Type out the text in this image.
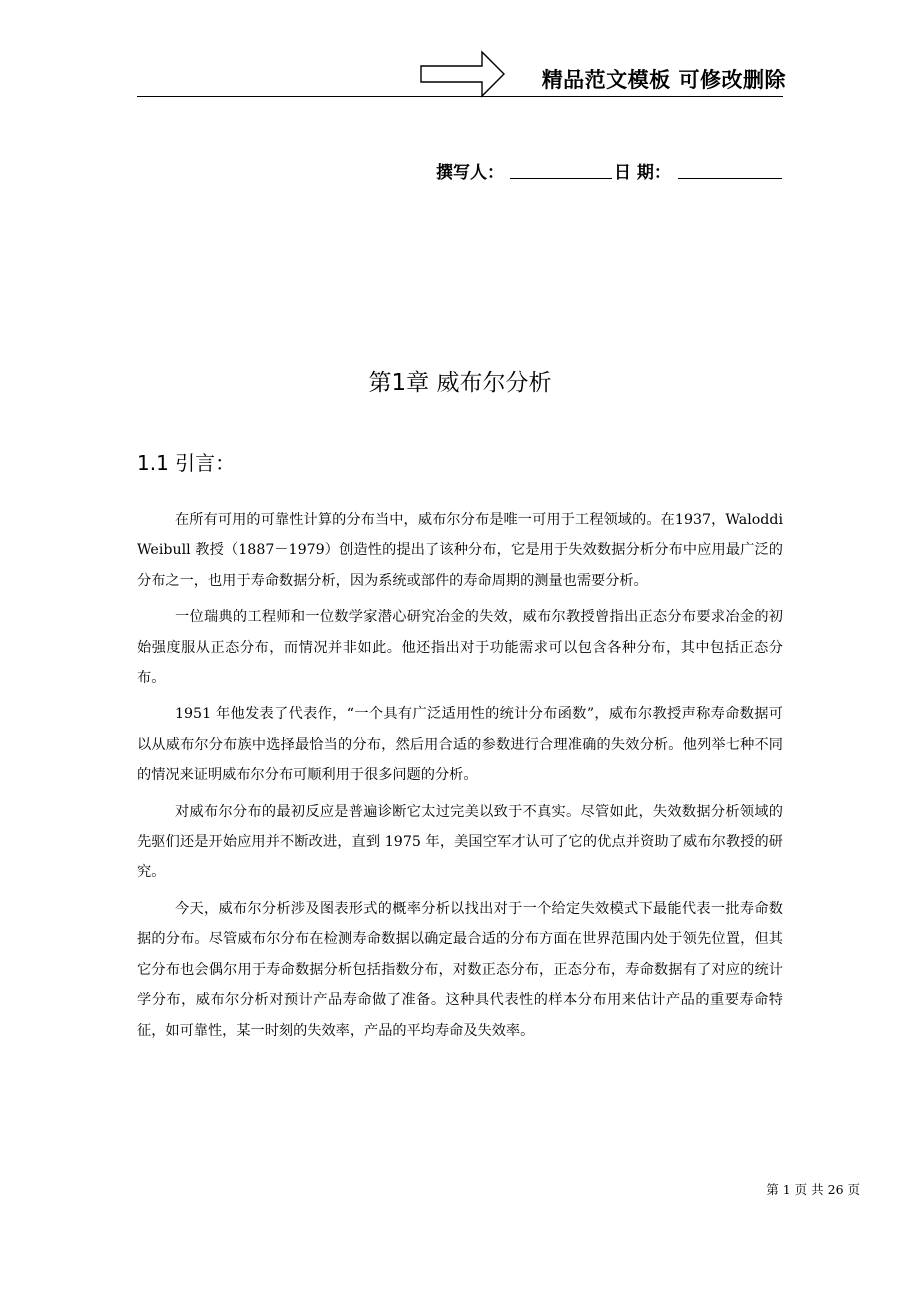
精品范文模板 可修改删除
撰写人：	日 期：
第1章 威布尔分析
1.1 引言：

在所有可用的可靠性计算的分布当中，威布尔分布是唯一可用于工程领域的。在1937，Waloddi Weibull 教授（1887－1979）创造性的提出了该种分布，它是用于失效数据分析分布中应用最广泛的分布之一，也用于寿命数据分析，因为系统或部件的寿命周期的测量也需要分析。

一位瑞典的工程师和一位数学家潜心研究冶金的失效，威布尔教授曾指出正态分布要求冶金的初始强度服从正态分布，而情况并非如此。他还指出对于功能需求可以包含各种分布，其中包括正态分布。

1951 年他发表了代表作，“一个具有广泛适用性的统计分布函数”，威布尔教授声称寿命数据可以从威布尔分布族中选择最恰当的分布，然后用合适的参数进行合理准确的失效分析。他列举七种不同的情况来证明威布尔分布可顺利用于很多问题的分析。

对威布尔分布的最初反应是普遍诊断它太过完美以致于不真实。尽管如此，失效数据分析领域的先驱们还是开始应用并不断改进，直到 1975 年，美国空军才认可了它的优点并资助了威布尔教授的研究。

今天，威布尔分析涉及图表形式的概率分析以找出对于一个给定失效模式下最能代表一批寿命数据的分布。尽管威布尔分布在检测寿命数据以确定最合适的分布方面在世界范围内处于领先位置，但其它分布也会偶尔用于寿命数据分析包括指数分布，对数正态分布，正态分布，寿命数据有了对应的统计学分布，威布尔分析对预计产品寿命做了准备。这种具代表性的样本分布用来估计产品的重要寿命特征，如可靠性，某一时刻的失效率，产品的平均寿命及失效率。

第 1 页 共 26 页
